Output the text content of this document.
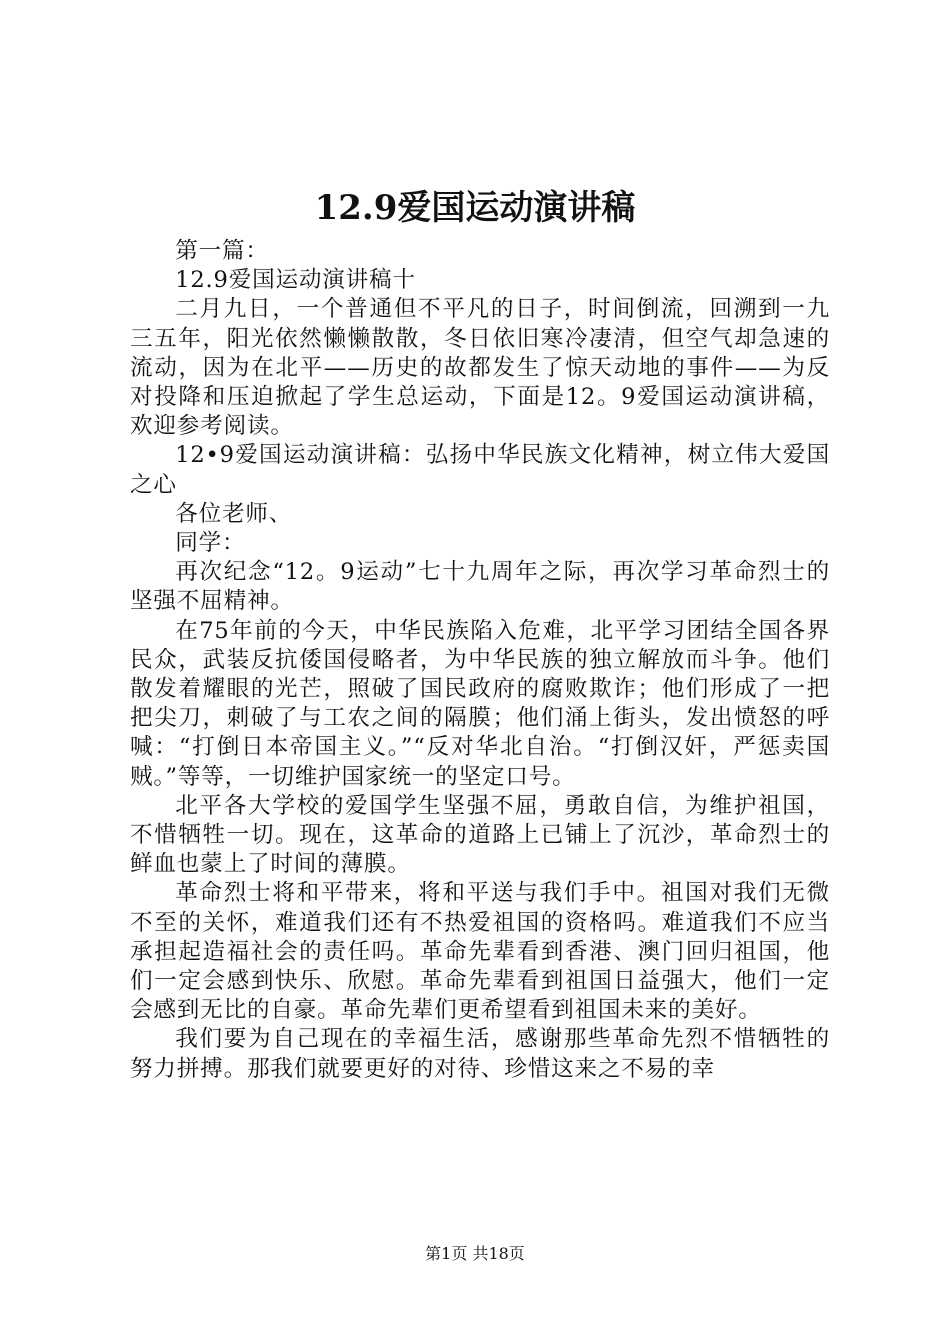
12.9爱国运动演讲稿

第一篇：

12.9爱国运动演讲稿十

二月九日，一个普通但不平凡的日子，时间倒流，回溯到一九三五年，阳光依然懒懒散散，冬日依旧寒冷凄清，但空气却急速的流动，因为在北平——历史的故都发生了惊天动地的事件——为反对投降和压迫掀起了学生总运动，下面是12。9爱国运动演讲稿，欢迎参考阅读。

12•9爱国运动演讲稿：弘扬中华民族文化精神，树立伟大爱国之心

各位老师、

同学：

再次纪念“12。9运动”七十九周年之际，再次学习革命烈士的坚强不屈精神。

在75年前的今天，中华民族陷入危难，北平学习团结全国各界民众，武装反抗倭国侵略者，为中华民族的独立解放而斗争。他们散发着耀眼的光芒，照破了国民政府的腐败欺诈；他们形成了一把把尖刀，刺破了与工农之间的隔膜；他们涌上街头，发出愤怒的呼喊：“打倒日本帝国主义。”“反对华北自治。“打倒汉奸，严惩卖国贼。”等等，一切维护国家统一的坚定口号。

北平各大学校的爱国学生坚强不屈，勇敢自信，为维护祖国，不惜牺牲一切。现在，这革命的道路上已铺上了沉沙，革命烈士的鲜血也蒙上了时间的薄膜。

革命烈士将和平带来，将和平送与我们手中。祖国对我们无微不至的关怀，难道我们还有不热爱祖国的资格吗。难道我们不应当承担起造福社会的责任吗。革命先辈看到香港、澳门回归祖国，他们一定会感到快乐、欣慰。革命先辈看到祖国日益强大，他们一定会感到无比的自豪。革命先辈们更希望看到祖国未来的美好。

我们要为自己现在的幸福生活，感谢那些革命先烈不惜牺牲的努力拼搏。那我们就要更好的对待、珍惜这来之不易的幸

第1页 共18页
